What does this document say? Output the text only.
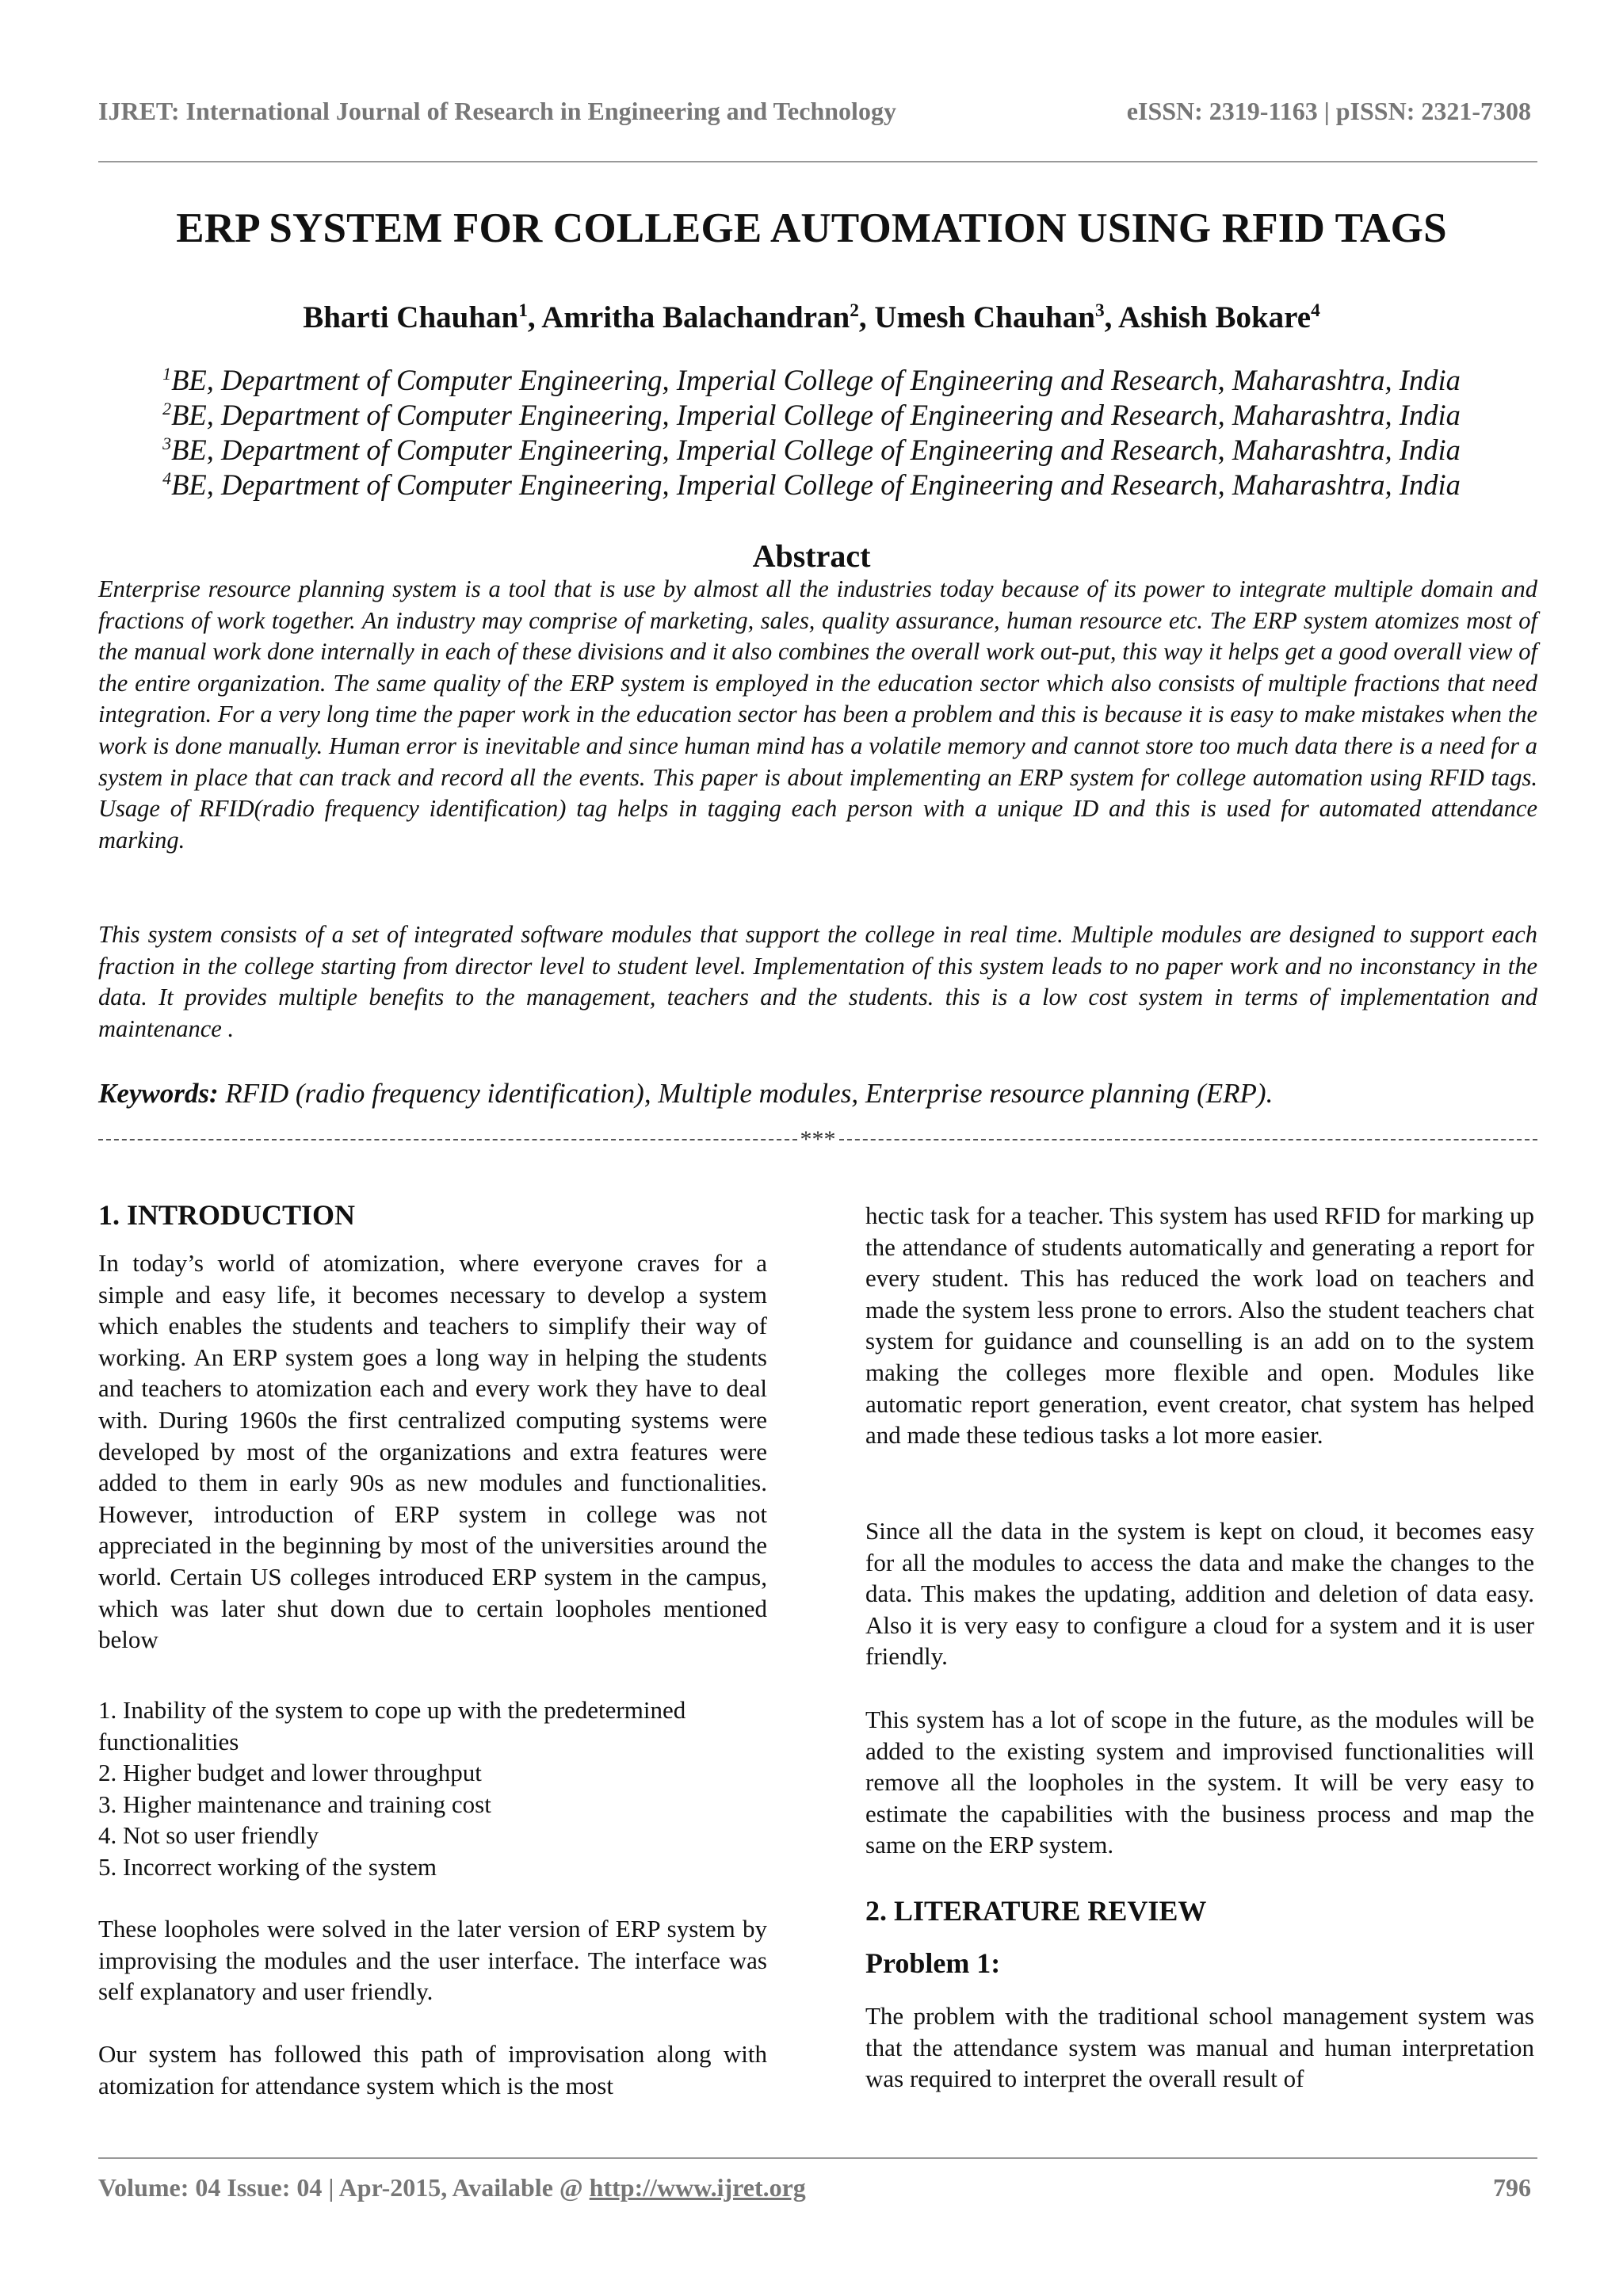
IJRET: International Journal of Research in Engineering and Technology	eISSN: 2319-1163 | pISSN: 2321-7308
ERP SYSTEM FOR COLLEGE AUTOMATION USING RFID TAGS
Bharti Chauhan$^1$, Amritha Balachandran$^2$, Umesh Chauhan$^3$, Ashish Bokare$^4$
$^1$BE, Department of Computer Engineering, Imperial College of Engineering and Research, Maharashtra, India
$^2$BE, Department of Computer Engineering, Imperial College of Engineering and Research, Maharashtra, India
$^3$BE, Department of Computer Engineering, Imperial College of Engineering and Research, Maharashtra, India
$^4$BE, Department of Computer Engineering, Imperial College of Engineering and Research, Maharashtra, India
Abstract
Enterprise resource planning system is a tool that is use by almost all the industries today because of its power to integrate multiple domain and fractions of work together. An industry may comprise of marketing, sales, quality assurance, human resource etc. The ERP system atomizes most of the manual work done internally in each of these divisions and it also combines the overall work out-put, this way it helps get a good overall view of the entire organization. The same quality of the ERP system is employed in the education sector which also consists of multiple fractions that need integration. For a very long time the paper work in the education sector has been a problem and this is because it is easy to make mistakes when the work is done manually. Human error is inevitable and since human mind has a volatile memory and cannot store too much data there is a need for a system in place that can track and record all the events. This paper is about implementing an ERP system for college automation using RFID tags. Usage of RFID(radio frequency identification) tag helps in tagging each person with a unique ID and this is used for automated attendance marking.
This system consists of a set of integrated software modules that support the college in real time. Multiple modules are designed to support each fraction in the college starting from director level to student level. Implementation of this system leads to no paper work and no inconstancy in the data. It provides multiple benefits to the management, teachers and the students. this is a low cost system in terms of implementation and maintenance .
Keywords: RFID (radio frequency identification), Multiple modules, Enterprise resource planning (ERP).
***
1. INTRODUCTION
In today’s world of atomization, where everyone craves for a simple and easy life, it becomes necessary to develop a system which enables the students and teachers to simplify their way of working. An ERP system goes a long way in helping the students and teachers to atomization each and every work they have to deal with. During 1960s the first centralized computing systems were developed by most of the organizations and extra features were added to them in early 90s as new modules and functionalities. However, introduction of ERP system in college was not appreciated in the beginning by most of the universities around the world. Certain US colleges introduced ERP system in the campus, which was later shut down due to certain loopholes mentioned below
1. Inability of the system to cope up with the predetermined functionalities
2. Higher budget and lower throughput
3. Higher maintenance and training cost
4. Not so user friendly
5. Incorrect working of the system
These loopholes were solved in the later version of ERP system by improvising the modules and the user interface. The interface was self explanatory and user friendly.
Our system has followed this path of improvisation along with atomization for attendance system which is the most
hectic task for a teacher. This system has used RFID for marking up the attendance of students automatically and generating a report for every student. This has reduced the work load on teachers and made the system less prone to errors. Also the student teachers chat system for guidance and counselling is an add on to the system making the colleges more flexible and open. Modules like automatic report generation, event creator, chat system has helped and made these tedious tasks a lot more easier.
Since all the data in the system is kept on cloud, it becomes easy for all the modules to access the data and make the changes to the data. This makes the updating, addition and deletion of data easy. Also it is very easy to configure a cloud for a system and it is user friendly.
This system has a lot of scope in the future, as the modules will be added to the existing system and improvised functionalities will remove all the loopholes in the system. It will be very easy to estimate the capabilities with the business process and map the same on the ERP system.
2. LITERATURE REVIEW
Problem 1:
The problem with the traditional school management system was that the attendance system was manual and human interpretation was required to interpret the overall result of
Volume: 04 Issue: 04 | Apr-2015, Available @ http://www.ijret.org	796
